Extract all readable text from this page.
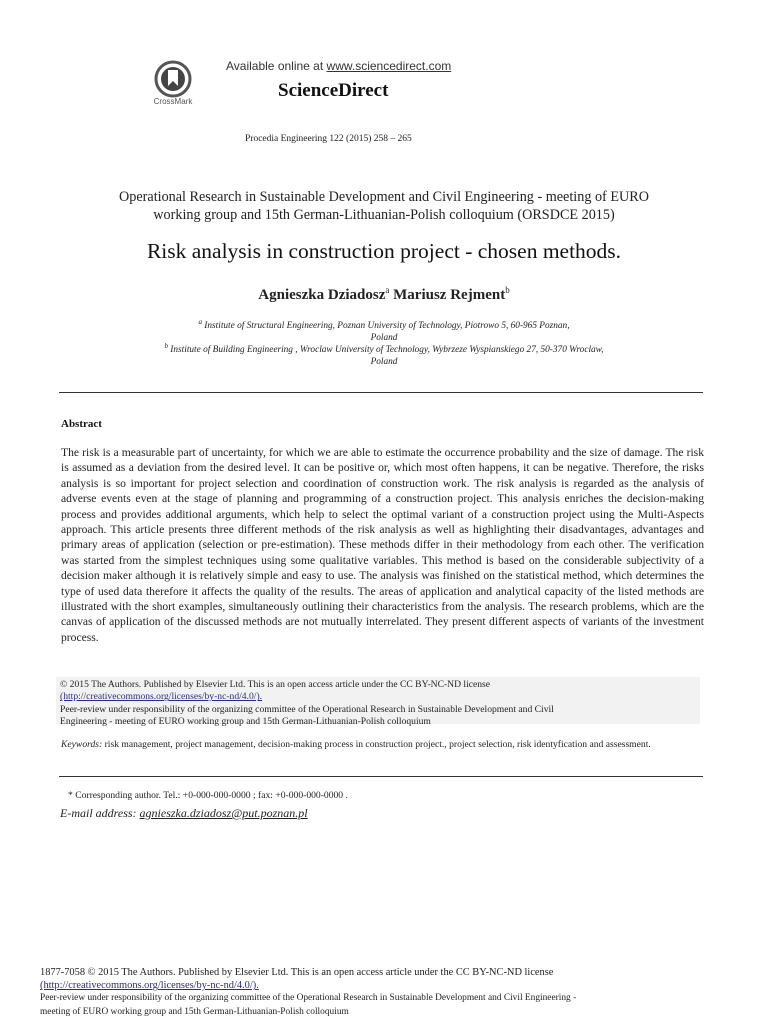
CrossMark
Available online at www.sciencedirect.com
ScienceDirect
Procedia Engineering 122 (2015) 258 – 265
Operational Research in Sustainable Development and Civil Engineering - meeting of EURO
working group and 15th German-Lithuanian-Polish colloquium (ORSDCE 2015)
Risk analysis in construction project - chosen methods.
Agnieszka Dziadosz$^a$ Mariusz Rejment$^b$
$^a$ Institute of Structural Engineering, Poznan University of Technology, Piotrowo 5, 60-965 Poznan,
Poland
$^b$ Institute of Building Engineering , Wroclaw University of Technology, Wybrzeze Wyspianskiego 27, 50-370 Wroclaw,
Poland
Abstract
The risk is a measurable part of uncertainty, for which we are able to estimate the occurrence probability and the size of damage. The risk is assumed as a deviation from the desired level. It can be positive or, which most often happens, it can be negative. Therefore, the risks analysis is so important for project selection and coordination of construction work. The risk analysis is regarded as the analysis of adverse events even at the stage of planning and programming of a construction project. This analysis enriches the decision-making process and provides additional arguments, which help to select the optimal variant of a construction project using the Multi-Aspects approach. This article presents three different methods of the risk analysis as well as highlighting their disadvantages, advantages and primary areas of application (selection or pre-estimation). These methods differ in their methodology from each other. The verification was started from the simplest techniques using some qualitative variables. This method is based on the considerable subjectivity of a decision maker although it is relatively simple and easy to use. The analysis was finished on the statistical method, which determines the type of used data therefore it affects the quality of the results. The areas of application and analytical capacity of the listed methods are illustrated with the short examples, simultaneously outlining their characteristics from the analysis. The research problems, which are the canvas of application of the discussed methods are not mutually interrelated. They present different aspects of variants of the investment process.
© 2015 The Authors. Published by Elsevier Ltd. This is an open access article under the CC BY-NC-ND license
(http://creativecommons.org/licenses/by-nc-nd/4.0/).
Peer-review under responsibility of the organizing committee of the Operational Research in Sustainable Development and Civil
Engineering - meeting of EURO working group and 15th German-Lithuanian-Polish colloquium
Keywords: risk management, project management, decision-making process in construction project., project selection, risk identyfication and assessment.
* Corresponding author. Tel.: +0-000-000-0000 ; fax: +0-000-000-0000 .
E-mail address: agnieszka.dziadosz@put.poznan.pl
1877-7058 © 2015 The Authors. Published by Elsevier Ltd. This is an open access article under the CC BY-NC-ND license
(http://creativecommons.org/licenses/by-nc-nd/4.0/).
Peer-review under responsibility of the organizing committee of the Operational Research in Sustainable Development and Civil Engineering -
meeting of EURO working group and 15th German-Lithuanian-Polish colloquium
